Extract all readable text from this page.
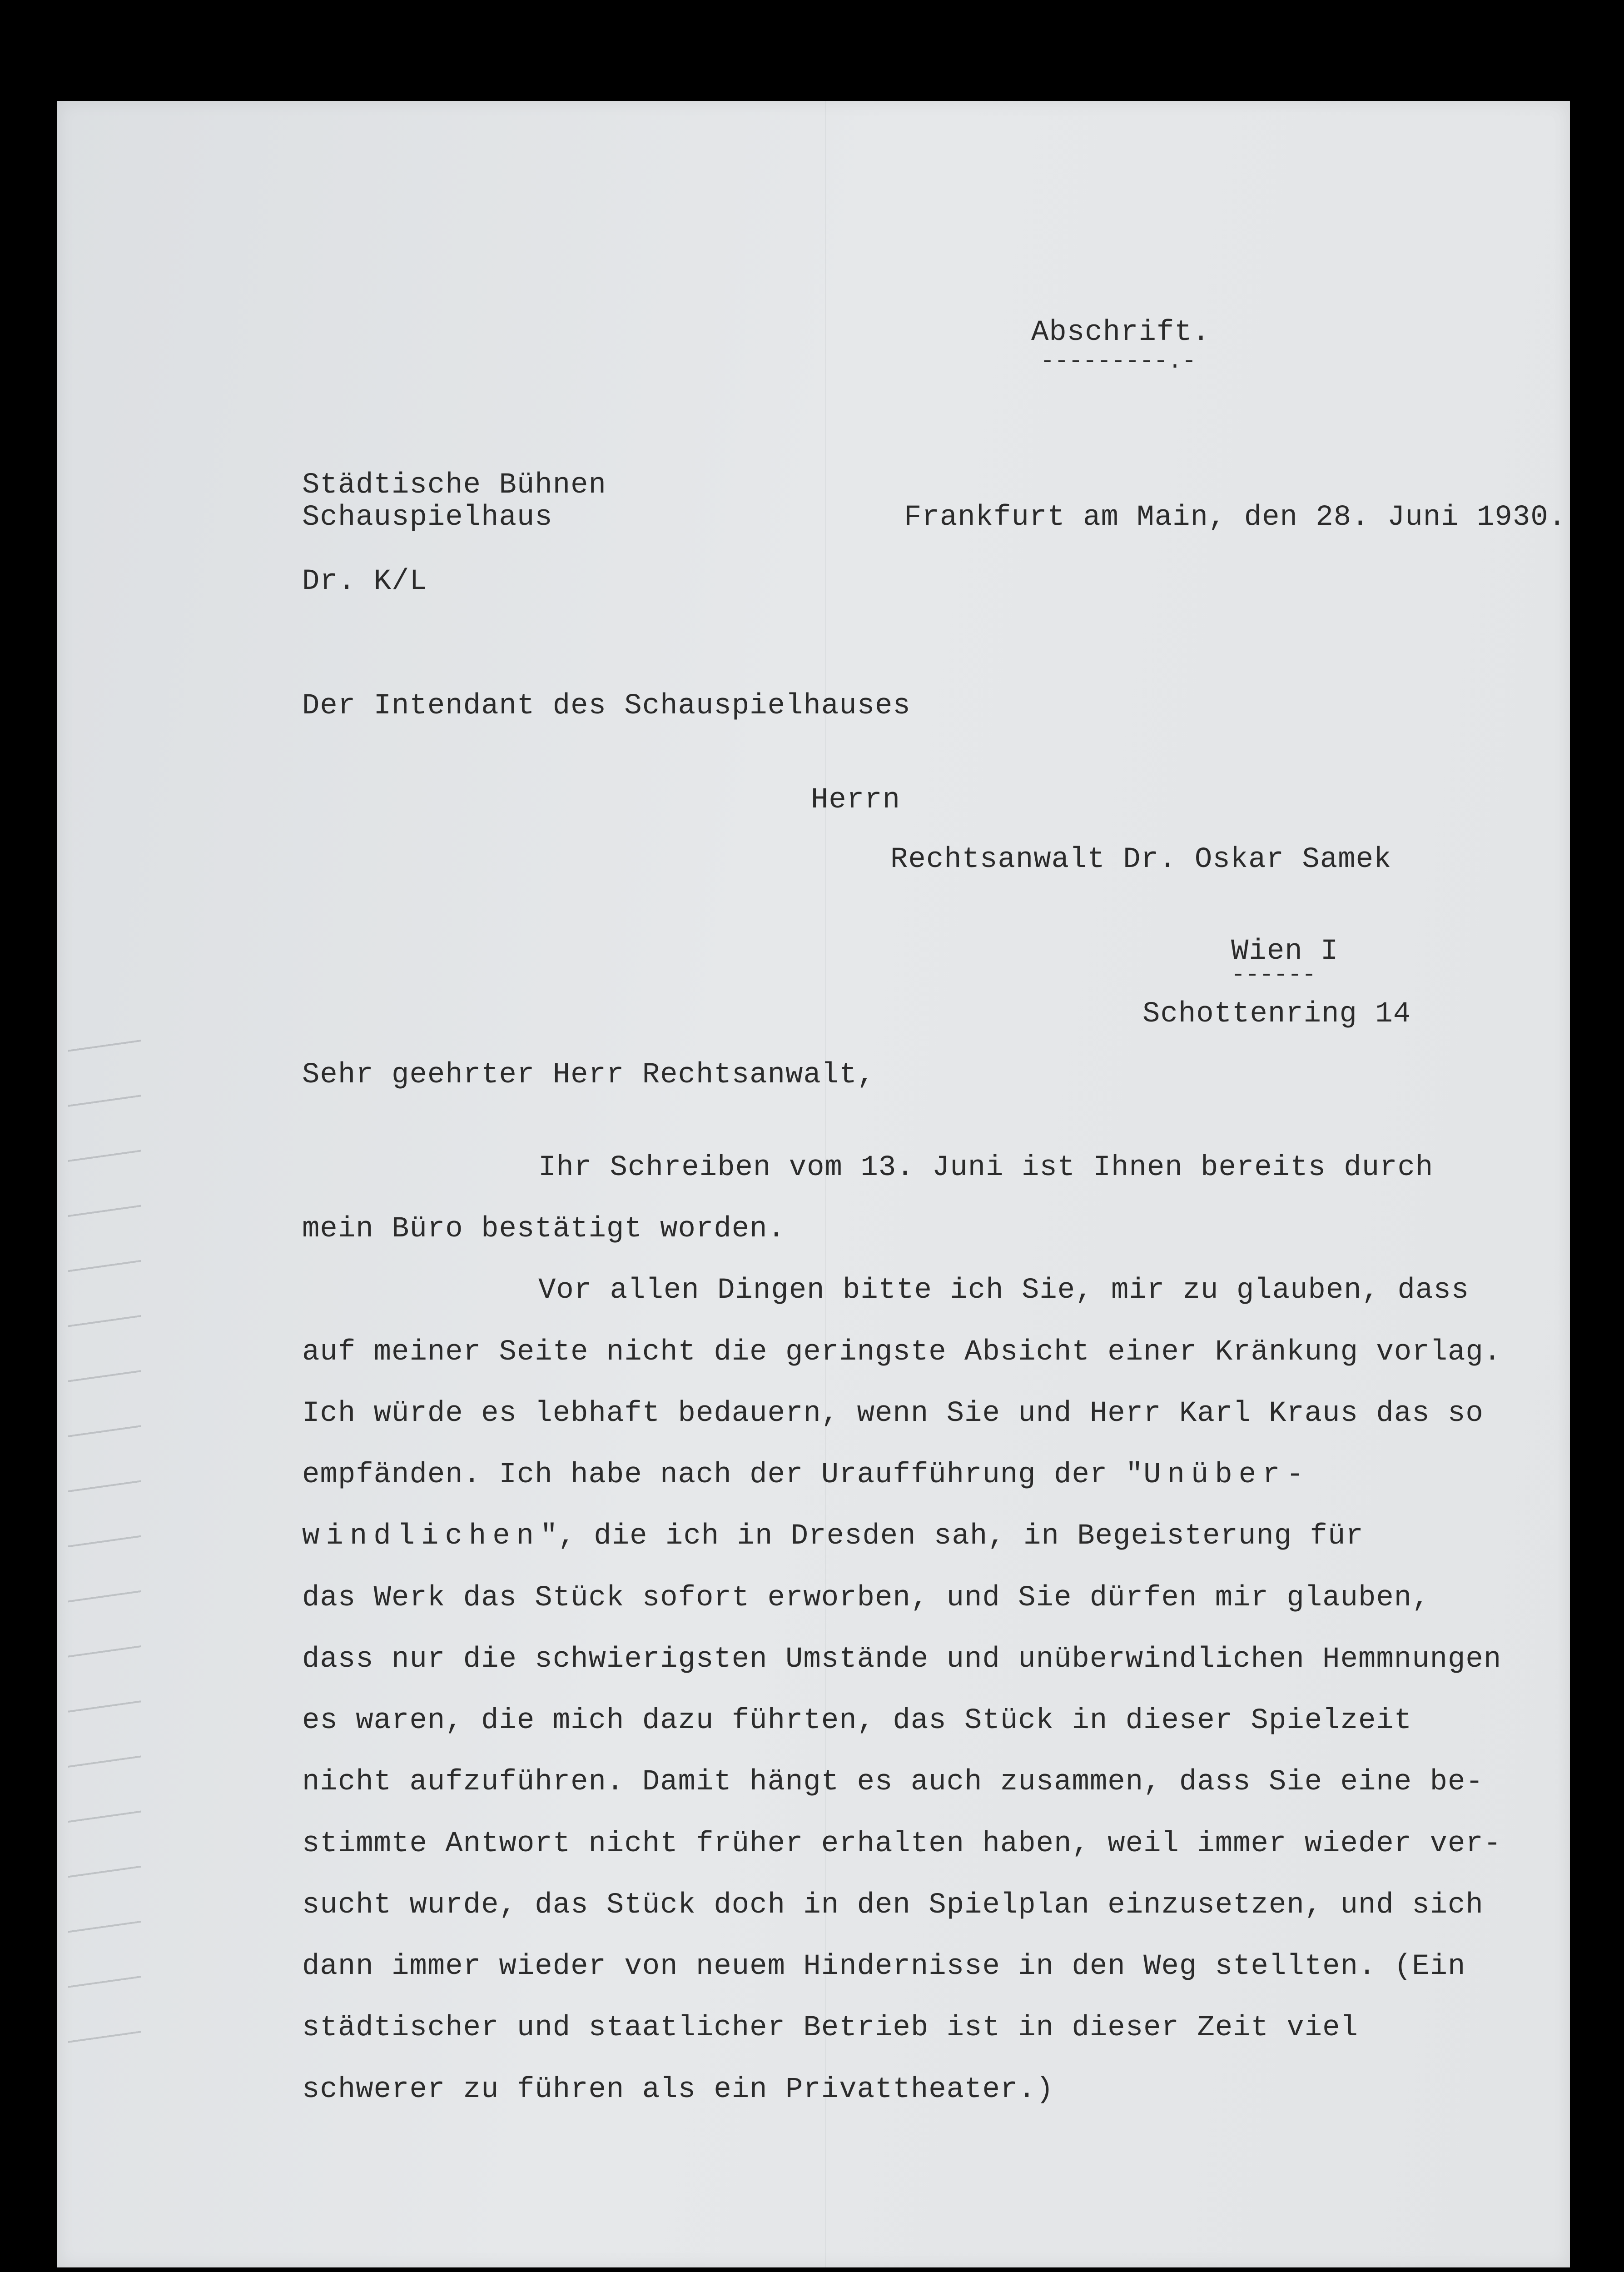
Abschrift.
---------.-
Städtische Bühnen
Schauspielhaus	Frankfurt am Main, den 28. Juni 1930.
Dr. K/L
Der Intendant des Schauspielhauses
Herrn
Rechtsanwalt Dr. Oskar Samek
Wien I
------
Schottenring 14
Sehr geehrter Herr Rechtsanwalt,
Ihr Schreiben vom 13. Juni ist Ihnen bereits durch
mein Büro bestätigt worden.
Vor allen Dingen bitte ich Sie, mir zu glauben, dass
auf meiner Seite nicht die geringste Absicht einer Kränkung vorlag.
Ich würde es lebhaft bedauern, wenn Sie und Herr Karl Kraus das so
empfänden. Ich habe nach der Uraufführung der "Unüber-
windlichen", die ich in Dresden sah, in Begeisterung für
das Werk das Stück sofort erworben, und Sie dürfen mir glauben,
dass nur die schwierigsten Umstände und unüberwindlichen Hemmnungen
es waren, die mich dazu führten, das Stück in dieser Spielzeit
nicht aufzuführen. Damit hängt es auch zusammen, dass Sie eine be-
stimmte Antwort nicht früher erhalten haben, weil immer wieder ver-
sucht wurde, das Stück doch in den Spielplan einzusetzen, und sich
dann immer wieder von neuem Hindernisse in den Weg stellten. (Ein
städtischer und staatlicher Betrieb ist in dieser Zeit viel
schwerer zu führen als ein Privattheater.)
